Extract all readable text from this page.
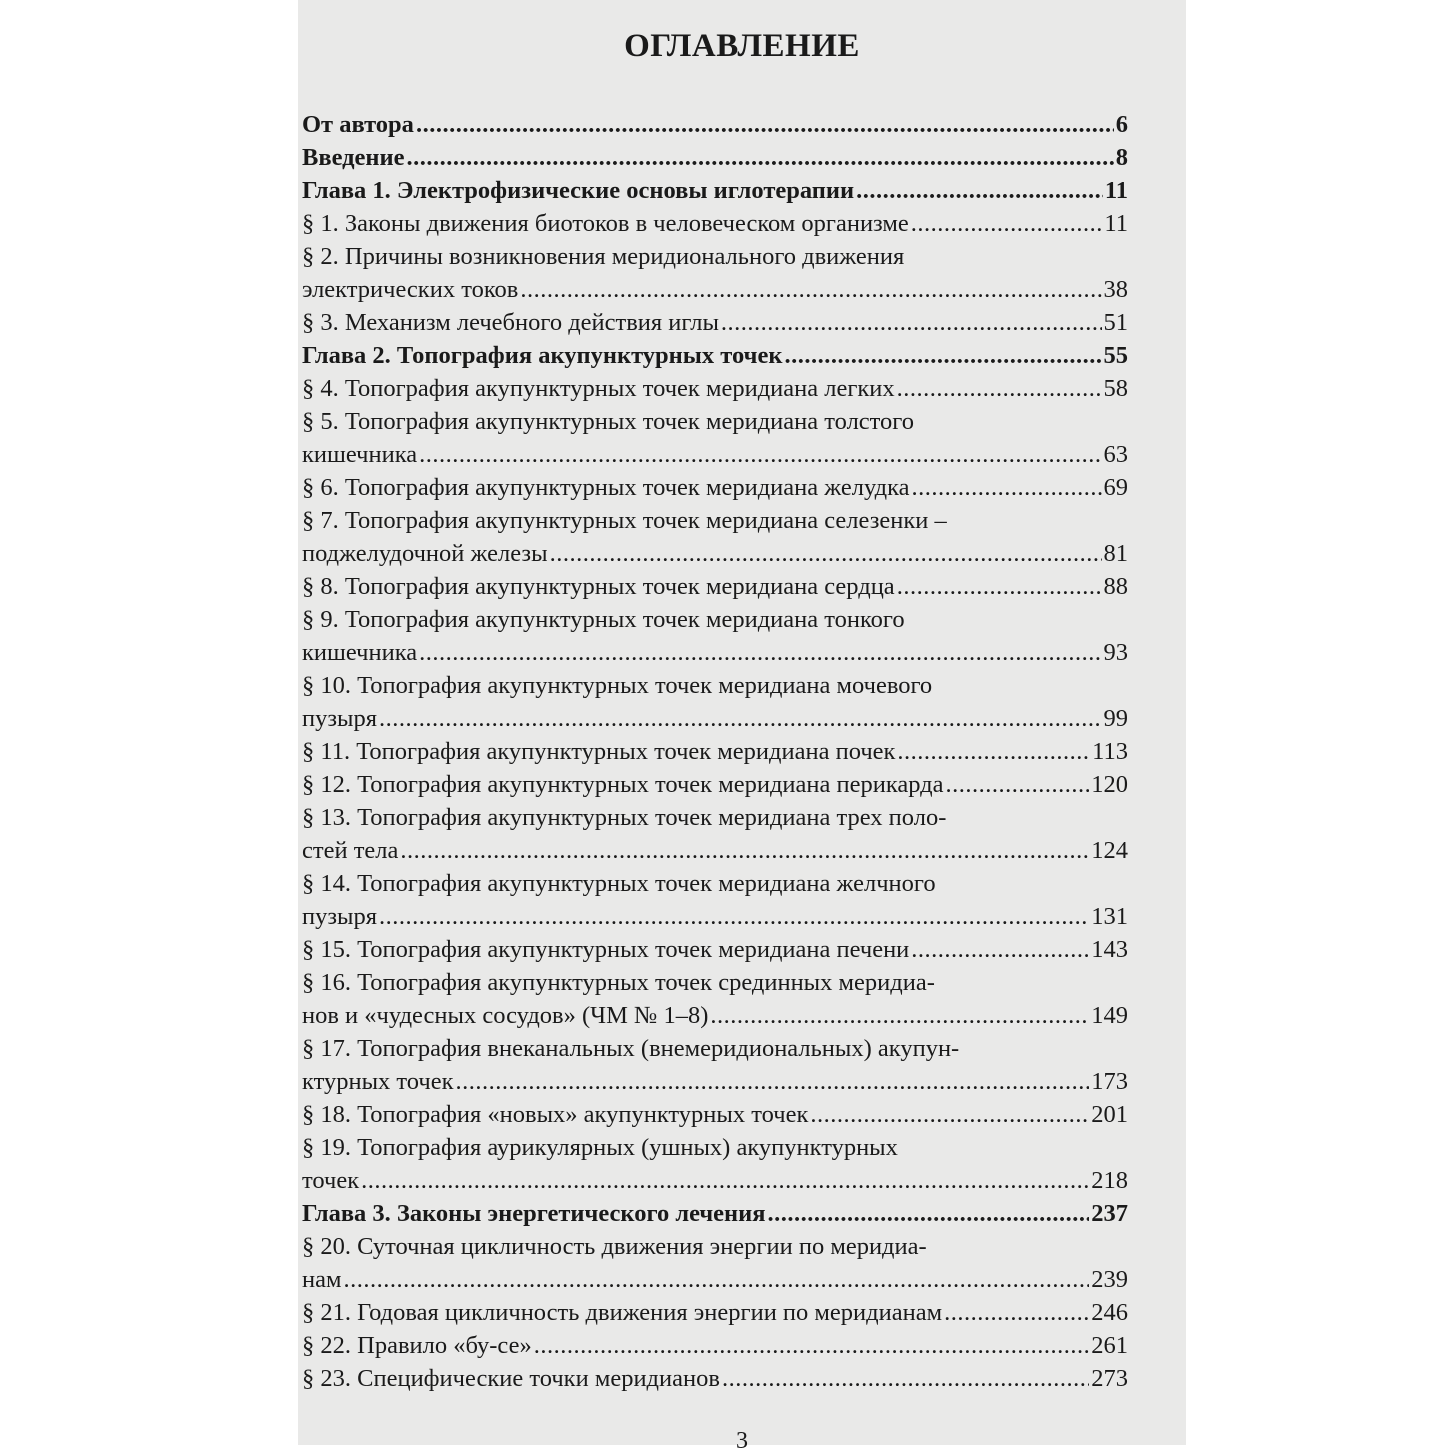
ОГЛАВЛЕНИЕ
От автора .....	6
Введение .....	8
Глава 1. Электрофизические основы иглотерапии .....	11
§ 1. Законы движения биотоков в человеческом организме .....	11
§ 2. Причины возникновения меридионального движения
электрических токов .....	38
§ 3. Механизм лечебного действия иглы .....	51
Глава 2. Топография акупунктурных точек .....	55
§ 4. Топография акупунктурных точек меридиана легких .....	58
§ 5. Топография акупунктурных точек меридиана толстого
кишечника .....	63
§ 6. Топография акупунктурных точек меридиана желудка .....	69
§ 7. Топография акупунктурных точек меридиана селезенки –
поджелудочной железы .....	81
§ 8. Топография акупунктурных точек меридиана сердца .....	88
§ 9. Топография акупунктурных точек меридиана тонкого
кишечника .....	93
§ 10. Топография акупунктурных точек меридиана мочевого
пузыря .....	99
§ 11. Топография акупунктурных точек меридиана почек .....	113
§ 12. Топография акупунктурных точек меридиана перикарда .....	120
§ 13. Топография акупунктурных точек меридиана трех поло-
стей тела .....	124
§ 14. Топография акупунктурных точек меридиана желчного
пузыря .....	131
§ 15. Топография акупунктурных точек меридиана печени .....	143
§ 16. Топография акупунктурных точек срединных меридиа-
нов и «чудесных сосудов» (ЧМ № 1–8) .....	149
§ 17. Топография внеканальных (внемеридиональных) акупун-
ктурных точек .....	173
§ 18. Топография «новых» акупунктурных точек .....	201
§ 19. Топография аурикулярных (ушных) акупунктурных
точек .....	218
Глава 3. Законы энергетического лечения .....	237
§ 20. Суточная цикличность движения энергии по меридиа-
нам .....	239
§ 21. Годовая цикличность движения энергии по меридианам .....	246
§ 22. Правило «бу-се» .....	261
§ 23. Специфические точки меридианов .....	273
3
